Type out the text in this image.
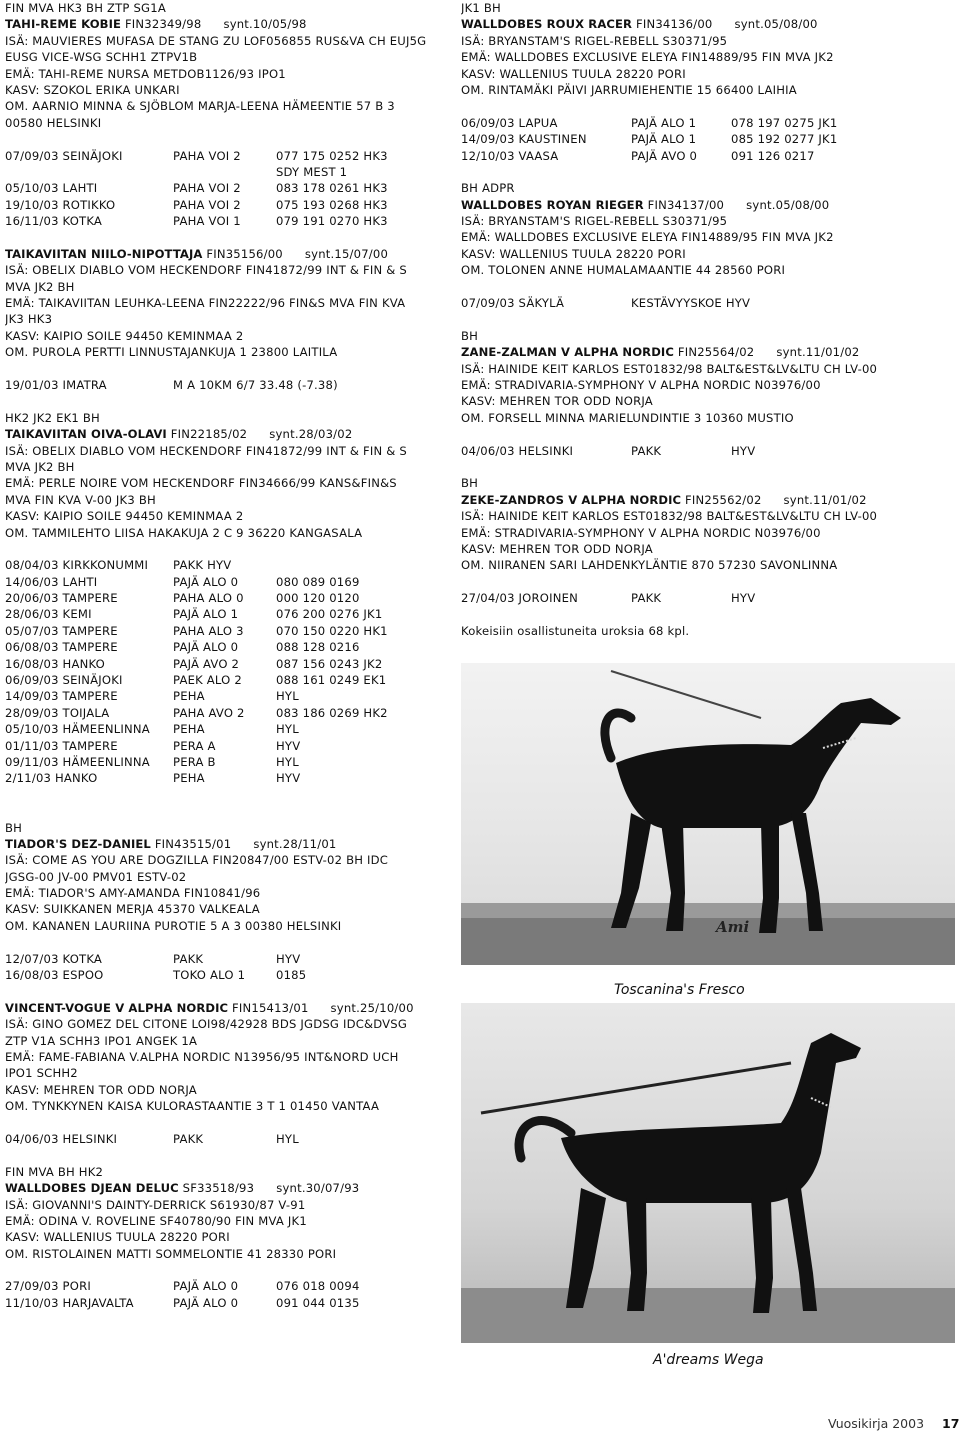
FIN MVA HK3 BH ZTP SG1A
TAHI-REME KOBIE FIN32349/98 synt.10/05/98
ISÄ: MAUVIERES MUFASA DE STANG ZU LOF056855 RUS&VA CH EUJ5G
EUSG VICE-WSG SCHH1 ZTPV1B
EMÄ: TAHI-REME NURSA METDOB1126/93 IPO1
KASV: SZOKOL ERIKA UNKARI
OM. AARNIO MINNA & SJÖBLOM MARJA-LEENA HÄMEENTIE 57 B 3
00580 HELSINKI
07/09/03 SEINÄJOKI	PAHA VOI 2	077 175 0252 HK3
SDY MEST 1
05/10/03 LAHTI	PAHA VOI 2	083 178 0261 HK3
19/10/03 ROTIKKO	PAHA VOI 2	075 193 0268 HK3
16/11/03 KOTKA	PAHA VOI 1	079 191 0270 HK3
TAIKAVIITAN NIILO-NIPOTTAJA FIN35156/00 synt.15/07/00
ISÄ: OBELIX DIABLO VOM HECKENDORF FIN41872/99 INT & FIN & S
MVA JK2 BH
EMÄ: TAIKAVIITAN LEUHKA-LEENA FIN22222/96 FIN&S MVA FIN KVA
JK3 HK3
KASV: KAIPIO SOILE 94450 KEMINMAA 2
OM. PUROLA PERTTI LINNUSTAJANKUJA 1 23800 LAITILA
19/01/03 IMATRA	M A 10KM 6/7 33.48 (-7.38)
HK2 JK2 EK1 BH
TAIKAVIITAN OIVA-OLAVI FIN22185/02 synt.28/03/02
ISÄ: OBELIX DIABLO VOM HECKENDORF FIN41872/99 INT & FIN & S
MVA JK2 BH
EMÄ: PERLE NOIRE VOM HECKENDORF FIN34666/99 KANS&FIN&S
MVA FIN KVA V-00 JK3 BH
KASV: KAIPIO SOILE 94450 KEMINMAA 2
OM. TAMMILEHTO LIISA HAKAKUJA 2 C 9 36220 KANGASALA
08/04/03 KIRKKONUMMI	PAKK HYV
14/06/03 LAHTI	PAJÄ ALO 0	080 089 0169
20/06/03 TAMPERE	PAHA ALO 0	000 120 0120
28/06/03 KEMI	PAJÄ ALO 1	076 200 0276 JK1
05/07/03 TAMPERE	PAHA ALO 3	070 150 0220 HK1
06/08/03 TAMPERE	PAJÄ ALO 0	088 128 0216
16/08/03 HANKO	PAJÄ AVO 2	087 156 0243 JK2
06/09/03 SEINÄJOKI	PAEK ALO 2	088 161 0249 EK1
14/09/03 TAMPERE	PEHA	HYL
28/09/03 TOIJALA	PAHA AVO 2	083 186 0269 HK2
05/10/03 HÄMEENLINNA	PEHA	HYL
01/11/03 TAMPERE	PERA A	HYV
09/11/03 HÄMEENLINNA	PERA B	HYL
2/11/03 HANKO	PEHA	HYV
BH
TIADOR'S DEZ-DANIEL FIN43515/01 synt.28/11/01
ISÄ: COME AS YOU ARE DOGZILLA FIN20847/00 ESTV-02 BH IDC
JGSG-00 JV-00 PMV01 ESTV-02
EMÄ: TIADOR'S AMY-AMANDA FIN10841/96
KASV: SUIKKANEN MERJA 45370 VALKEALA
OM. KANANEN LAURIINA PUROTIE 5 A 3 00380 HELSINKI
12/07/03 KOTKA	PAKK	HYV
16/08/03 ESPOO	TOKO ALO 1	0185
VINCENT-VOGUE V ALPHA NORDIC FIN15413/01 synt.25/10/00
ISÄ: GINO GOMEZ DEL CITONE LOI98/42928 BDS JGDSG IDC&DVSG
ZTP V1A SCHH3 IPO1 ANGEK 1A
EMÄ: FAME-FABIANA V.ALPHA NORDIC N13956/95 INT&NORD UCH
IPO1 SCHH2
KASV: MEHREN TOR ODD NORJA
OM. TYNKKYNEN KAISA KULORASTAANTIE 3 T 1 01450 VANTAA
04/06/03 HELSINKI	PAKK	HYL
FIN MVA BH HK2
WALLDOBES DJEAN DELUC SF33518/93 synt.30/07/93
ISÄ: GIOVANNI'S DAINTY-DERRICK S61930/87 V-91
EMÄ: ODINA V. ROVELINE SF40780/90 FIN MVA JK1
KASV: WALLENIUS TUULA 28220 PORI
OM. RISTOLAINEN MATTI SOMMELONTIE 41 28330 PORI
27/09/03 PORI	PAJÄ ALO 0	076 018 0094
11/10/03 HARJAVALTA	PAJÄ ALO 0	091 044 0135
JK1 BH
WALLDOBES ROUX RACER FIN34136/00 synt.05/08/00
ISÄ: BRYANSTAM'S RIGEL-REBELL S30371/95
EMÄ: WALLDOBES EXCLUSIVE ELEYA FIN14889/95 FIN MVA JK2
KASV: WALLENIUS TUULA 28220 PORI
OM. RINTAMÄKI PÄIVI JARRUMIEHENTIE 15 66400 LAIHIA
06/09/03 LAPUA	PAJÄ ALO 1	078 197 0275 JK1
14/09/03 KAUSTINEN	PAJÄ ALO 1	085 192 0277 JK1
12/10/03 VAASA	PAJÄ AVO 0	091 126 0217
BH ADPR
WALLDOBES ROYAN RIEGER FIN34137/00 synt.05/08/00
ISÄ: BRYANSTAM'S RIGEL-REBELL S30371/95
EMÄ: WALLDOBES EXCLUSIVE ELEYA FIN14889/95 FIN MVA JK2
KASV: WALLENIUS TUULA 28220 PORI
OM. TOLONEN ANNE HUMALAMAANTIE 44 28560 PORI
07/09/03 SÄKYLÄ	KESTÄVYYSKOE HYV
BH
ZANE-ZALMAN V ALPHA NORDIC FIN25564/02 synt.11/01/02
ISÄ: HAINIDE KEIT KARLOS EST01832/98 BALT&EST&LV&LTU CH LV-00
EMÄ: STRADIVARIA-SYMPHONY V ALPHA NORDIC N03976/00
KASV: MEHREN TOR ODD NORJA
OM. FORSELL MINNA MARIELUNDINTIE 3 10360 MUSTIO
04/06/03 HELSINKI	PAKK	HYV
BH
ZEKE-ZANDROS V ALPHA NORDIC FIN25562/02 synt.11/01/02
ISÄ: HAINIDE KEIT KARLOS EST01832/98 BALT&EST&LV&LTU CH LV-00
EMÄ: STRADIVARIA-SYMPHONY V ALPHA NORDIC N03976/00
KASV: MEHREN TOR ODD NORJA
OM. NIIRANEN SARI LAHDENKYLÄNTIE 870 57230 SAVONLINNA
27/04/03 JOROINEN	PAKK	HYV
Kokeisiin osallistuneita uroksia 68 kpl.
Ami
Toscanina's Fresco
A'dreams Wega
Vuosikirja 2003 17
